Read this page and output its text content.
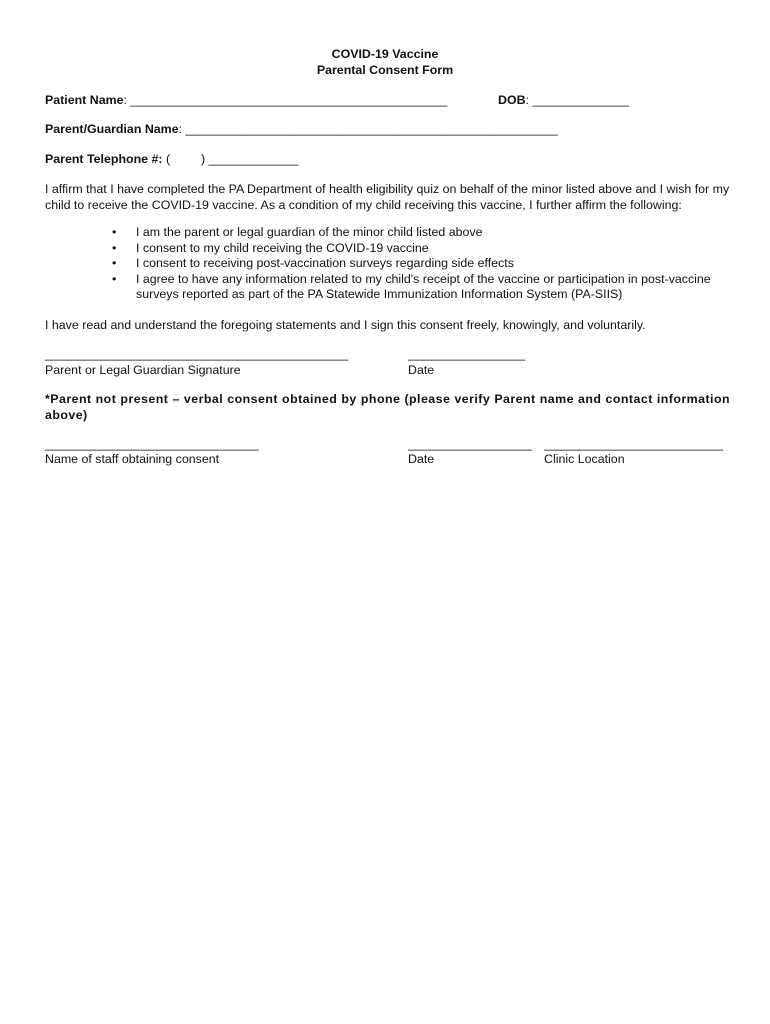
COVID-19 Vaccine
Parental Consent Form
Patient Name: ______________________________________________	DOB: ______________
Parent/Guardian Name: ______________________________________________________
Parent Telephone #: ( ) _____________
I affirm that I have completed the PA Department of health eligibility quiz on behalf of the minor listed above and I wish for my child to receive the COVID-19 vaccine. As a condition of my child receiving this vaccine, I further affirm the following:
• I am the parent or legal guardian of the minor child listed above
• I consent to my child receiving the COVID-19 vaccine
• I consent to receiving post-vaccination surveys regarding side effects
• I agree to have any information related to my child's receipt of the vaccine or participation in post-vaccine surveys reported as part of the PA Statewide Immunization Information System (PA-SIIS)
I have read and understand the foregoing statements and I sign this consent freely, knowingly, and voluntarily.
____________________________________________
Parent or Legal Guardian Signature
_________________
Date
*Parent not present – verbal consent obtained by phone (please verify Parent name and contact information above)
_______________________________
Name of staff obtaining consent
__________________
Date
__________________________
Clinic Location
